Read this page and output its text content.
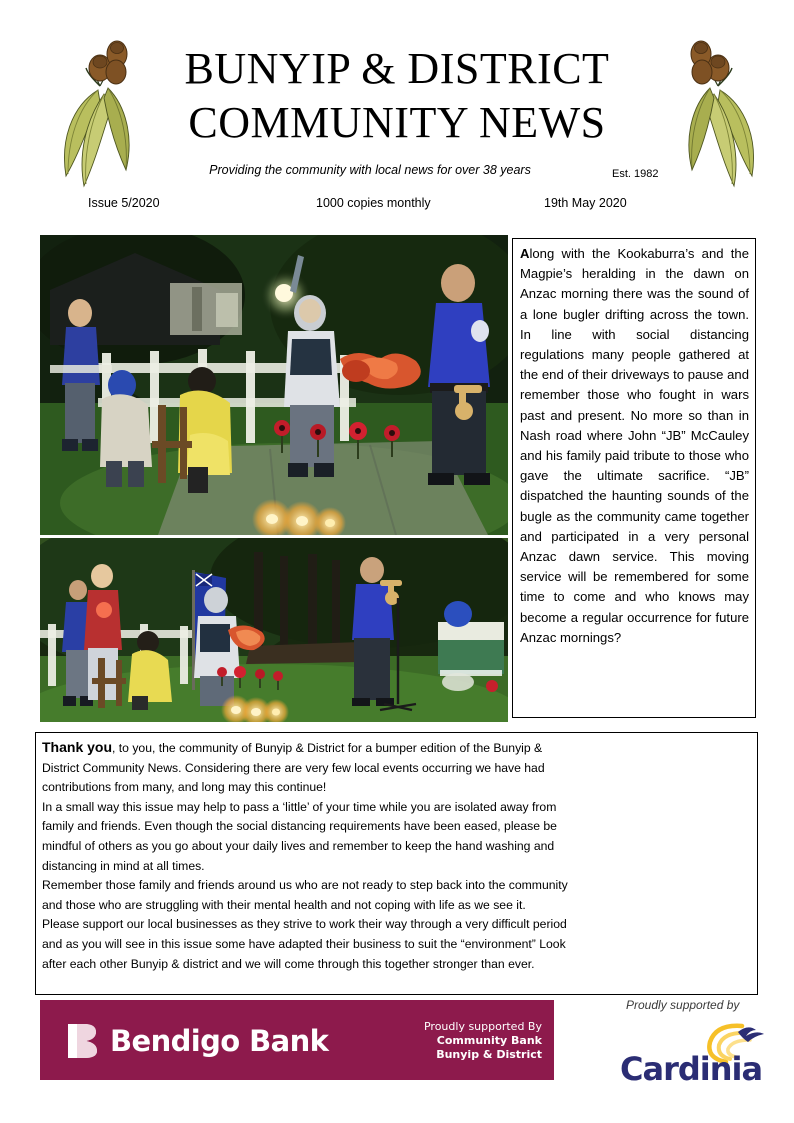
BUNYIP & DISTRICT
COMMUNITY NEWS
Providing the community with local news for over 38 years	Est. 1982
Issue 5/2020	1000 copies monthly	19th May 2020
Along with the Kookaburra’s and the Magpie’s heralding in the dawn on Anzac morning there was the sound of a lone bugler drifting across the town. In line with social distancing regulations many people gathered at the end of their driveways to pause and remember those who fought in wars past and present. No more so than in Nash road where John “JB” McCauley and his family paid tribute to those who gave the ultimate sacrifice. “JB” dispatched the haunting sounds of the bugle as the community came together and participated in a very personal Anzac dawn service. This moving service will be remembered for some time to come and who knows may become a regular occurrence for future Anzac mornings?

Thank you, to you, the community of Bunyip & District for a bumper edition of the Bunyip & District Community News. Considering there are very few local events occurring we have had contributions from many, and long may this continue!

In a small way this issue may help to pass a ‘little’ of your time while you are isolated away from family and friends. Even though the social distancing requirements have been eased, please be mindful of others as you go about your daily lives and remember to keep the hand washing and distancing in mind at all times.

Remember those family and friends around us who are not ready to step back into the community and those who are struggling with their mental health and not coping with life as we see it.

Please support our local businesses as they strive to work their way through a very difficult period and as you will see in this issue some have adapted their business to suit the “environment” Look after each other Bunyip & district and we will come through this together stronger than ever.

Bendigo Bank	Proudly supported By
Community Bank
Bunyip & District
Proudly supported by
Cardinia
